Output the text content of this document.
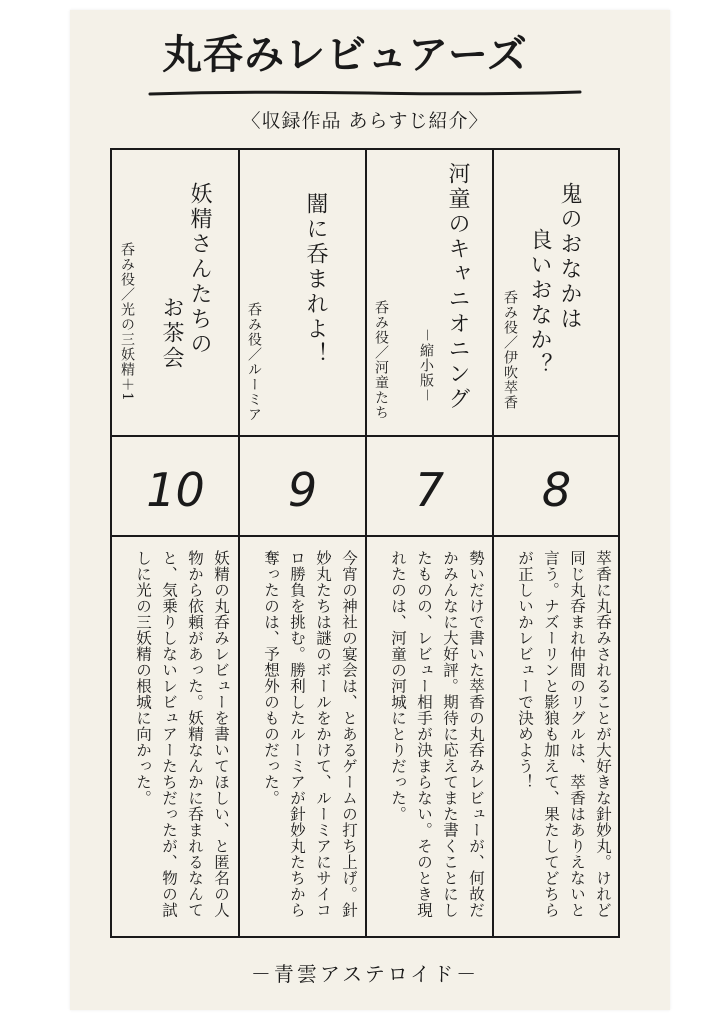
丸呑みレビュアーズ
〈収録作品 あらすじ紹介〉
鬼のおなかは
良いおなか？
呑み役／伊吹萃香
8
萃香に丸呑みされることが大好きな針妙丸。けれど同じ丸呑まれ仲間のリグルは、萃香はありえないと言う。ナズーリンと影狼も加えて、果たしてどちらが正しいかレビューで決めよう！
河童のキャニオニング
－縮小版－
呑み役／河童たち
7
勢いだけで書いた萃香の丸呑みレビューが、何故だかみんなに大好評。期待に応えてまた書くことにしたものの、レビュー相手が決まらない。そのとき現れたのは、河童の河城にとりだった。
闇に呑まれよ！
呑み役／ルーミア
9
今宵の神社の宴会は、とあるゲームの打ち上げ。針妙丸たちは謎のボールをかけて、ルーミアにサイコロ勝負を挑む。勝利したルーミアが針妙丸たちから奪ったのは、予想外のものだった。
妖精さんたちの
お茶会
呑み役／光の三妖精＋1
10
妖精の丸呑みレビューを書いてほしい、と匿名の人物から依頼があった。妖精なんかに呑まれるなんてと、気乗りしないレビュアーたちだったが、物の試しに光の三妖精の根城に向かった。
－青雲アステロイド－
